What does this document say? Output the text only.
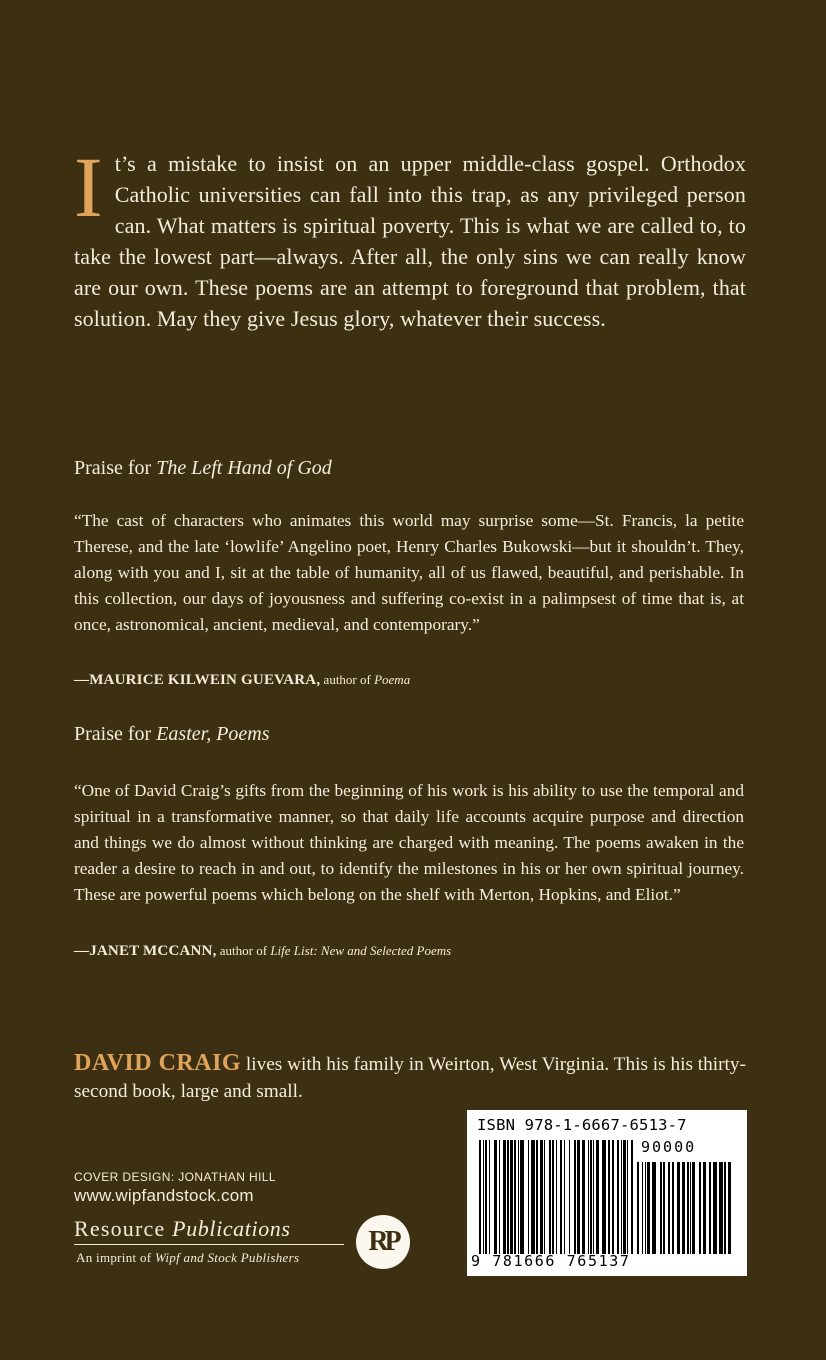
It’s a mistake to insist on an upper middle-class gospel. Orthodox Catholic universities can fall into this trap, as any privileged person can. What matters is spiritual poverty. This is what we are called to, to take the lowest part—always. After all, the only sins we can really know are our own. These poems are an attempt to foreground that problem, that solution. May they give Jesus glory, whatever their success.
Praise for The Left Hand of God
“The cast of characters who animates this world may surprise some—St. Francis, la petite Therese, and the late ‘lowlife’ Angelino poet, Henry Charles Bukowski—but it shouldn’t. They, along with you and I, sit at the table of humanity, all of us flawed, beautiful, and perishable. In this collection, our days of joyousness and suffering co-exist in a palimpsest of time that is, at once, astronomical, ancient, medieval, and contemporary.”
—MAURICE KILWEIN GUEVARA, author of Poema
Praise for Easter, Poems
“One of David Craig’s gifts from the beginning of his work is his ability to use the temporal and spiritual in a transformative manner, so that daily life accounts acquire purpose and direction and things we do almost without thinking are charged with meaning. The poems awaken in the reader a desire to reach in and out, to identify the milestones in his or her own spiritual journey. These are powerful poems which belong on the shelf with Merton, Hopkins, and Eliot.”
—JANET MCCANN, author of Life List: New and Selected Poems
DAVID CRAIG lives with his family in Weirton, West Virginia. This is his thirty-second book, large and small.
COVER DESIGN: JONATHAN HILL
www.wipfandstock.com
Resource Publications
An imprint of Wipf and Stock Publishers
RP
ISBN 978-1-6667-6513-7
90000
9 781666 765137
